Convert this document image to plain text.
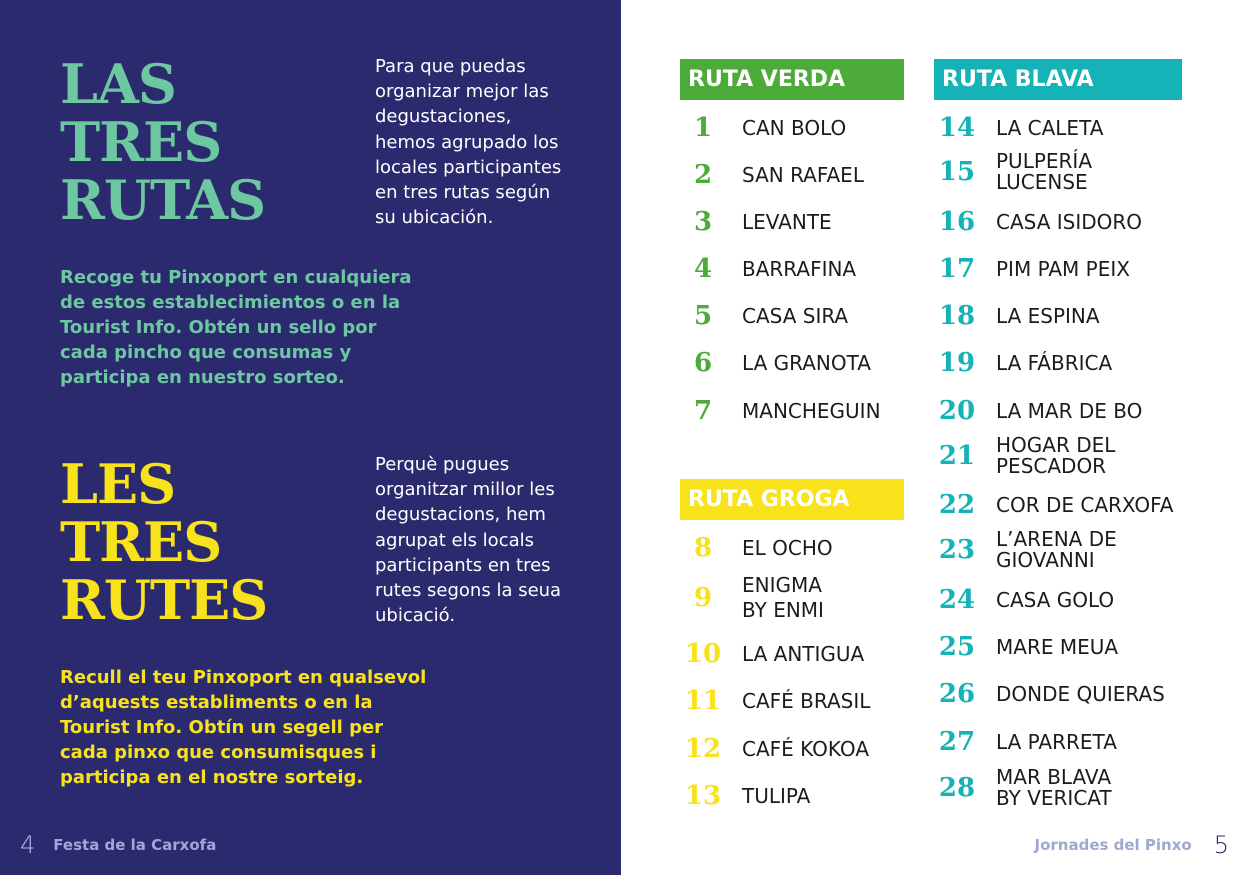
LAS
TRES
RUTAS
Para que puedas organizar mejor las degustaciones, hemos agrupado los locales participantes en tres rutas según su ubicación.
Recoge tu Pinxoport en cualquiera de estos establecimientos o en la Tourist Info. Obtén un sello por cada pincho que consumas y participa en nuestro sorteo.
LES
TRES
RUTES
Perquè pugues organitzar millor les degustacions, hem agrupat els locals participants en tres rutes segons la seua ubicació.
Recull el teu Pinxoport en qualsevol d’aquests establiments o en la Tourist Info. Obtín un segell per cada pinxo que consumisques i participa en el nostre sorteig.
4 Festa de la Carxofa
RUTA VERDA
1	CAN BOLO
2	SAN RAFAEL
3	LEVANTE
4	BARRAFINA
5	CASA SIRA
6	LA GRANOTA
7	MANCHEGUIN
RUTA GROGA
8	EL OCHO
9	ENIGMA
BY ENMI
10 LA ANTIGUA
11 CAFÉ BRASIL
12 CAFÉ KOKOA
13 TULIPA
RUTA BLAVA
14 LA CALETA
15 PULPERÍA
LUCENSE
16 CASA ISIDORO
17 PIM PAM PEIX
18 LA ESPINA
19 LA FÁBRICA
20 LA MAR DE BO
21 HOGAR DEL
PESCADOR
22 COR DE CARXOFA
23 L’ARENA DE
GIOVANNI
24 CASA GOLO
25 MARE MEUA
26 DONDE QUIERAS
27 LA PARRETA
28 MAR BLAVA
BY VERICAT
Jornades del Pinxo 5
